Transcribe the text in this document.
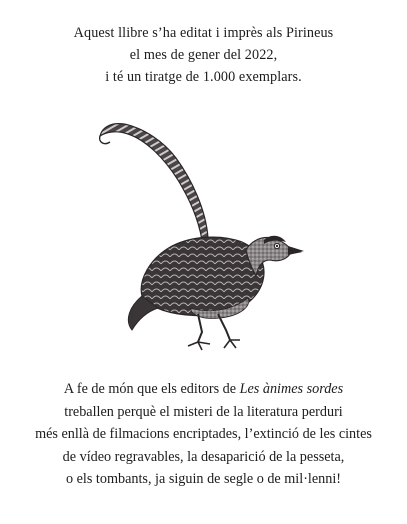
Aquest llibre s’ha editat i imprès als Pirineus
el mes de gener del 2022,
i té un tiratge de 1.000 exemplars.
A fe de món que els editors de Les ànimes sordes
treballen perquè el misteri de la literatura perduri
més enllà de filmacions encriptades, l’extinció de les cintes
de vídeo regravables, la desaparició de la pesseta,
o els tombants, ja siguin de segle o de mil·lenni!
